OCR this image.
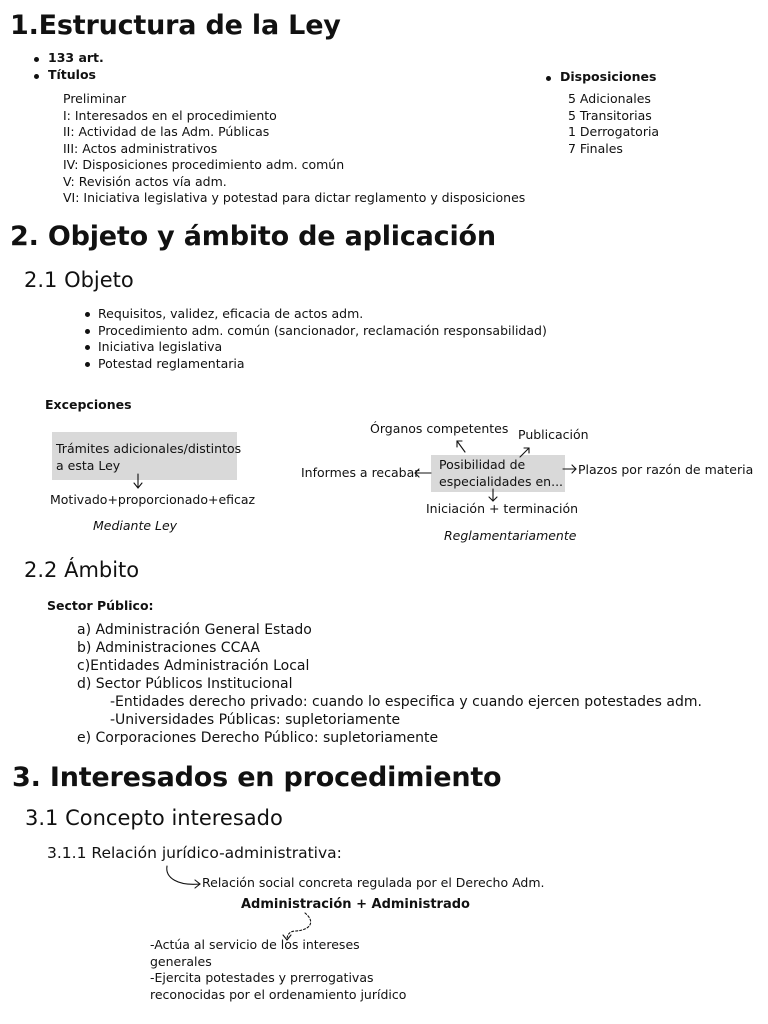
1.Estructura de la Ley
133 art.
Títulos
Preliminar
I: Interesados en el procedimiento
II: Actividad de las Adm. Públicas
III: Actos administrativos
IV: Disposiciones procedimiento adm. común
V: Revisión actos vía adm.
VI: Iniciativa legislativa y potestad para dictar reglamento y disposiciones
Disposiciones
5 Adicionales
5 Transitorias
1 Derrogatoria
7 Finales
2. Objeto y ámbito de aplicación
2.1 Objeto
Requisitos, validez, eficacia de actos adm.
Procedimiento adm. común (sancionador, reclamación responsabilidad)
Iniciativa legislativa
Potestad reglamentaria
Excepciones
Trámites adicionales/distintos
a esta Ley
Motivado+proporcionado+eficaz
Mediante Ley
Posibilidad de
especialidades en...
Órganos competentes Publicación
Informes a recabar	Plazos por razón de materia
Iniciación + terminación
Reglamentariamente
2.2 Ámbito
Sector Público:
a) Administración General Estado
b) Administraciones CCAA
c)Entidades Administración Local
d) Sector Públicos Institucional
-Entidades derecho privado: cuando lo especifica y cuando ejercen potestades adm.
-Universidades Públicas: supletoriamente
e) Corporaciones Derecho Público: supletoriamente
3. Interesados en procedimiento
3.1 Concepto interesado
3.1.1 Relación jurídico-administrativa:
Relación social concreta regulada por el Derecho Adm.
Administración + Administrado
-Actúa al servicio de los intereses
generales
-Ejercita potestades y prerrogativas
reconocidas por el ordenamiento jurídico
